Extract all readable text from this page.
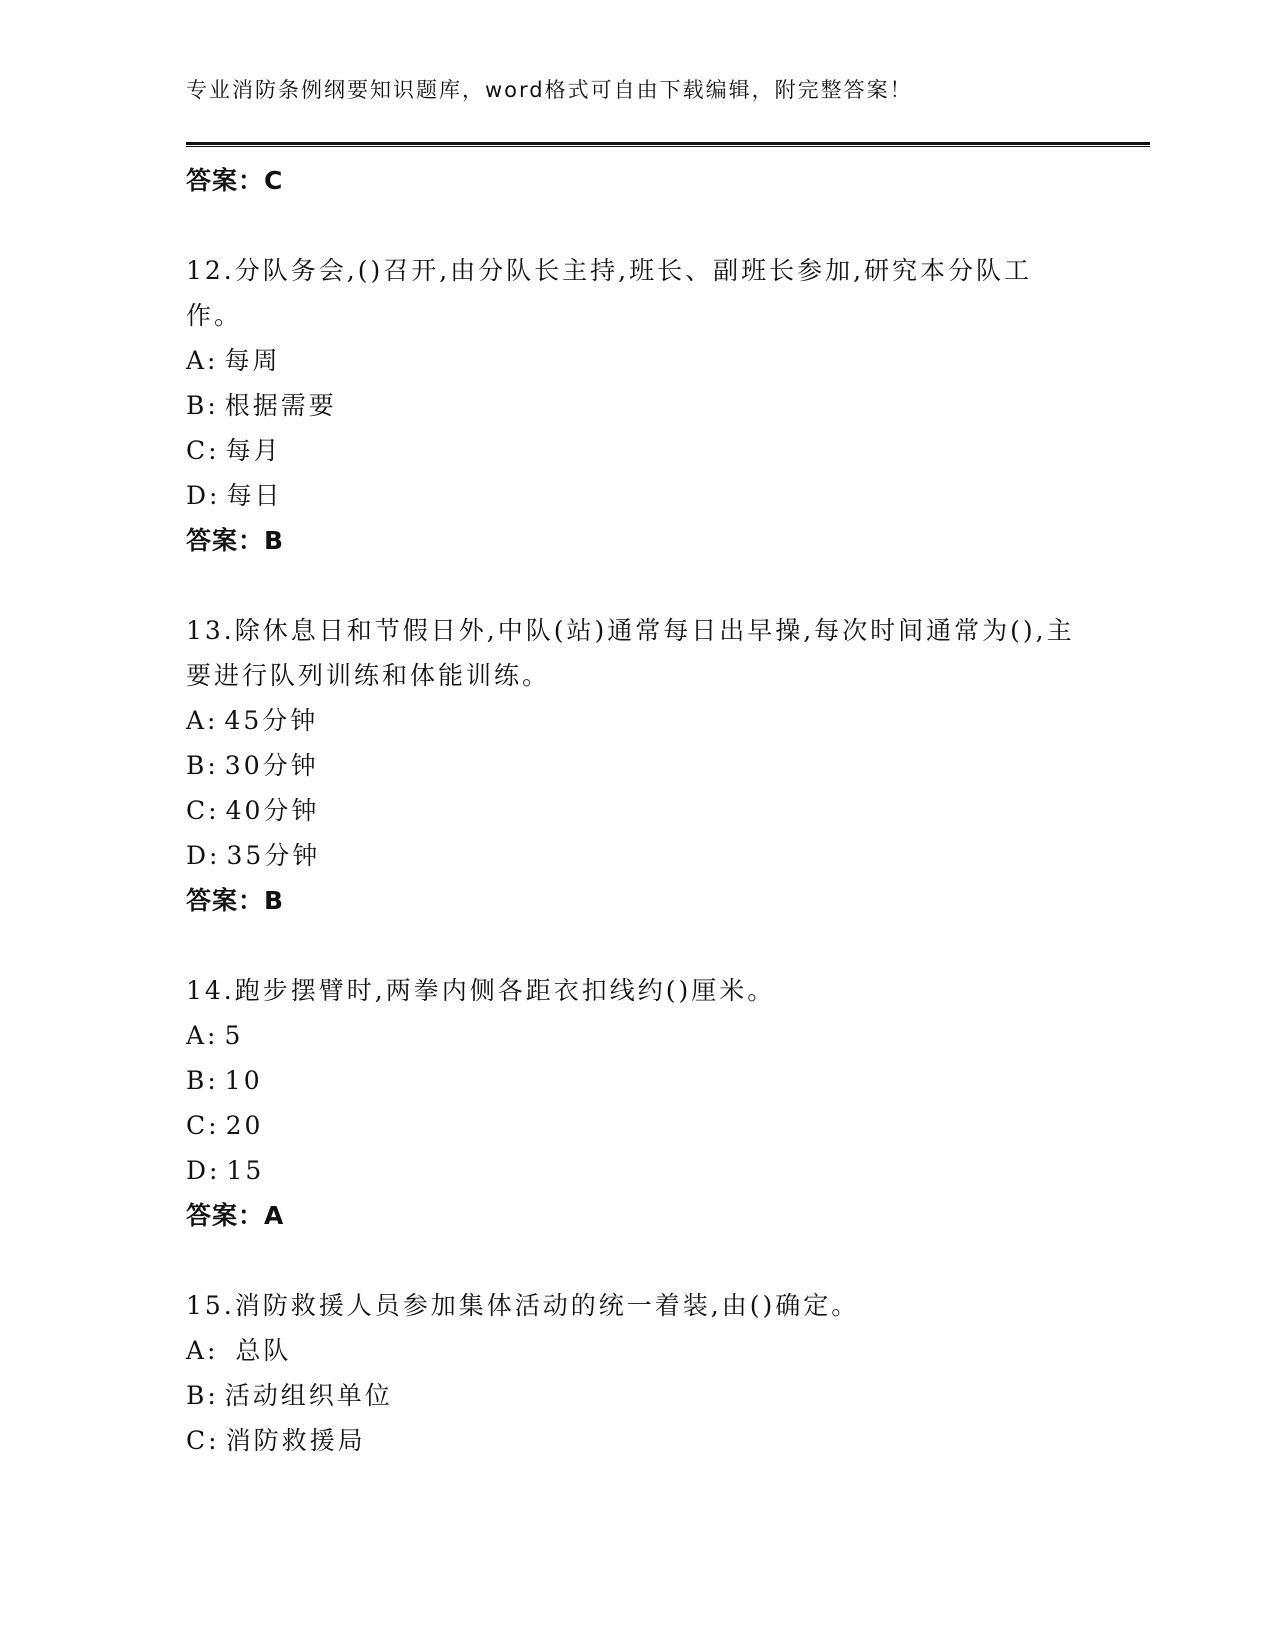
专业消防条例纲要知识题库，word格式可自由下载编辑，附完整答案！
答案：C
12.分队务会,()召开,由分队长主持,班长、副班长参加,研究本分队工作。
A: 每周
B: 根据需要
C: 每月
D: 每日
答案：B
13.除休息日和节假日外,中队(站)通常每日出早操,每次时间通常为(),主要进行队列训练和体能训练。
A: 45分钟
B: 30分钟
C: 40分钟
D: 35分钟
答案：B
14.跑步摆臂时,两拳内侧各距衣扣线约()厘米。
A: 5
B: 10
C: 20
D: 15
答案：A
15.消防救援人员参加集体活动的统一着装,由()确定。
A: 总队
B: 活动组织单位
C: 消防救援局
